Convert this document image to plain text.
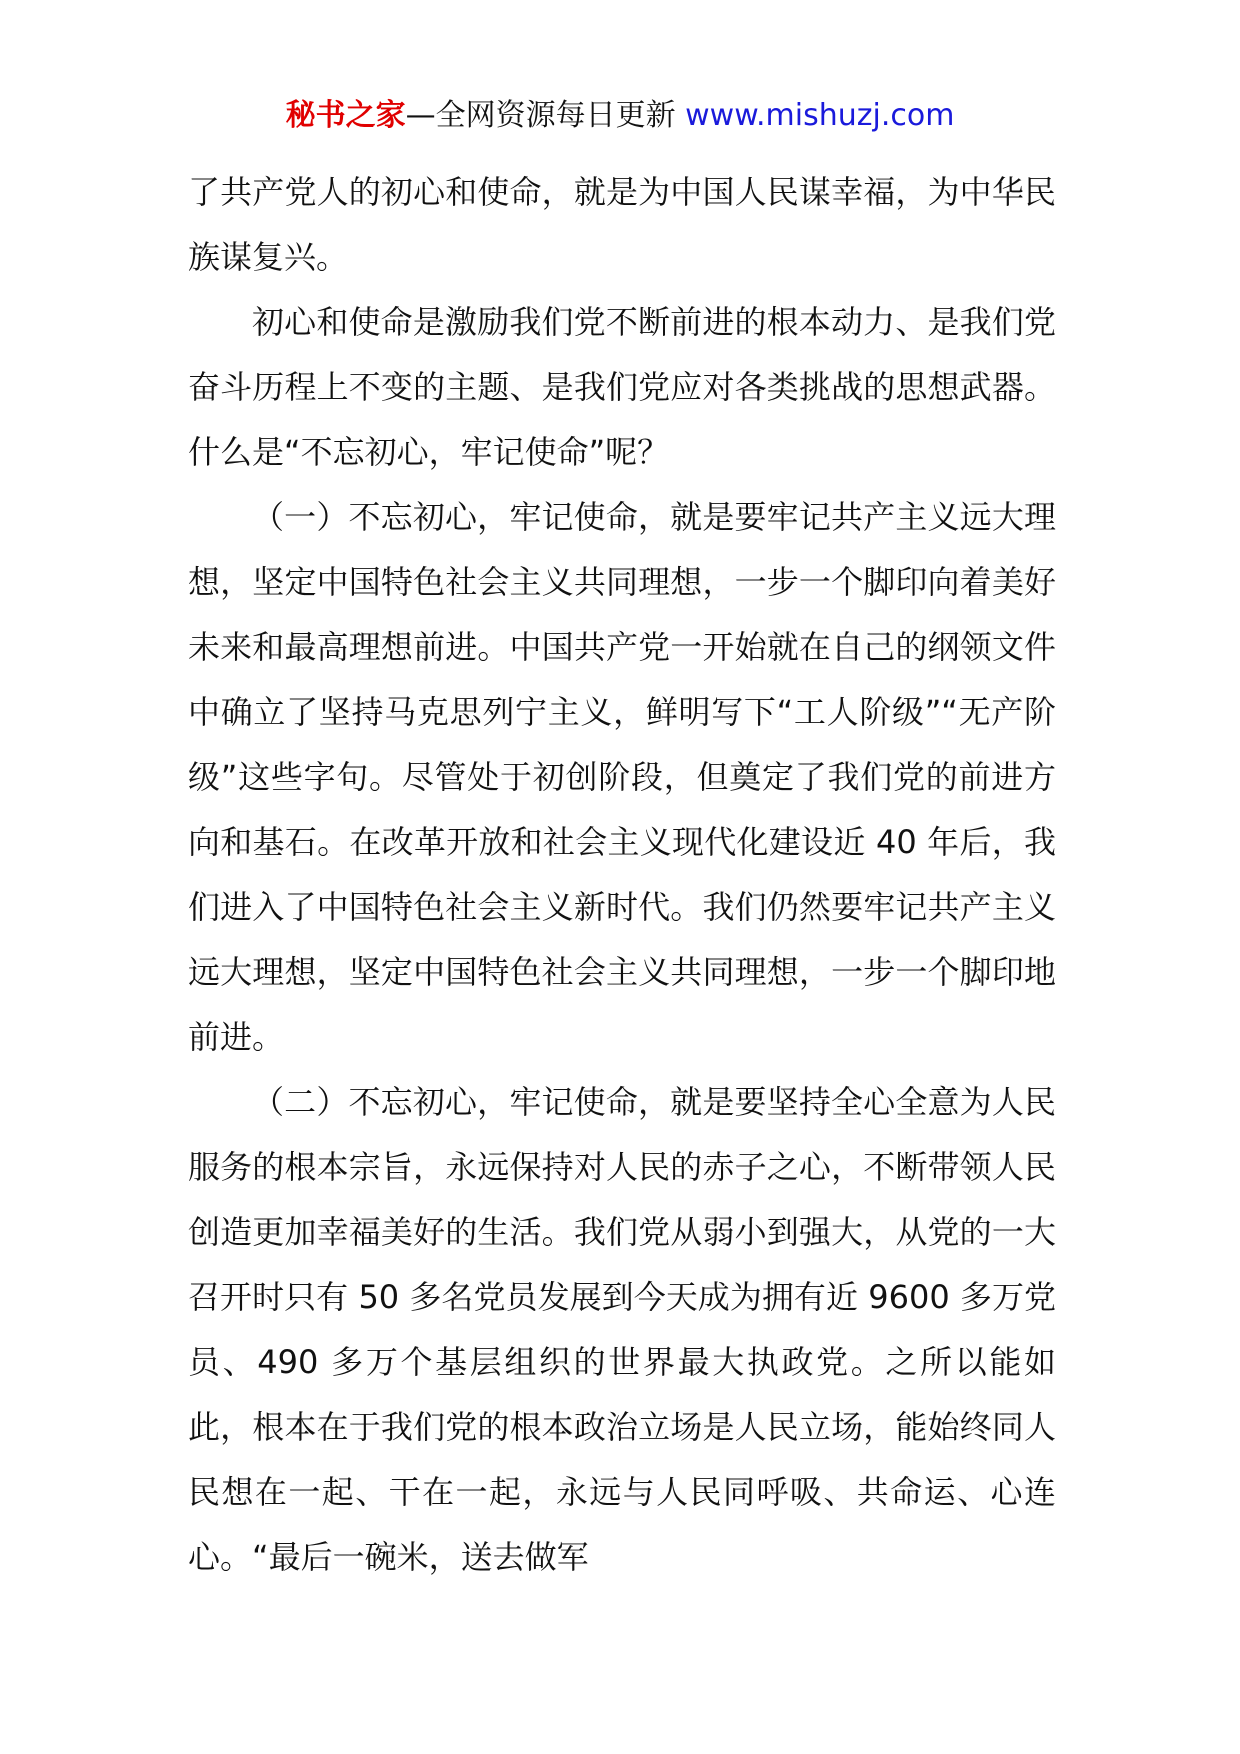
秘书之家—全网资源每日更新 www.mishuzj.com

了共产党人的初心和使命，就是为中国人民谋幸福，为中华民族谋复兴。

初心和使命是激励我们党不断前进的根本动力、是我们党奋斗历程上不变的主题、是我们党应对各类挑战的思想武器。什么是“不忘初心，牢记使命”呢？

（一）不忘初心，牢记使命，就是要牢记共产主义远大理想，坚定中国特色社会主义共同理想，一步一个脚印向着美好未来和最高理想前进。中国共产党一开始就在自己的纲领文件中确立了坚持马克思列宁主义，鲜明写下“工人阶级”“无产阶级”这些字句。尽管处于初创阶段，但奠定了我们党的前进方向和基石。在改革开放和社会主义现代化建设近 40 年后，我们进入了中国特色社会主义新时代。我们仍然要牢记共产主义远大理想，坚定中国特色社会主义共同理想，一步一个脚印地前进。

（二）不忘初心，牢记使命，就是要坚持全心全意为人民服务的根本宗旨，永远保持对人民的赤子之心，不断带领人民创造更加幸福美好的生活。我们党从弱小到强大，从党的一大召开时只有 50 多名党员发展到今天成为拥有近 9600 多万党员、490 多万个基层组织的世界最大执政党。之所以能如此，根本在于我们党的根本政治立场是人民立场，能始终同人民想在一起、干在一起，永远与人民同呼吸、共命运、心连心。“最后一碗米，送去做军
